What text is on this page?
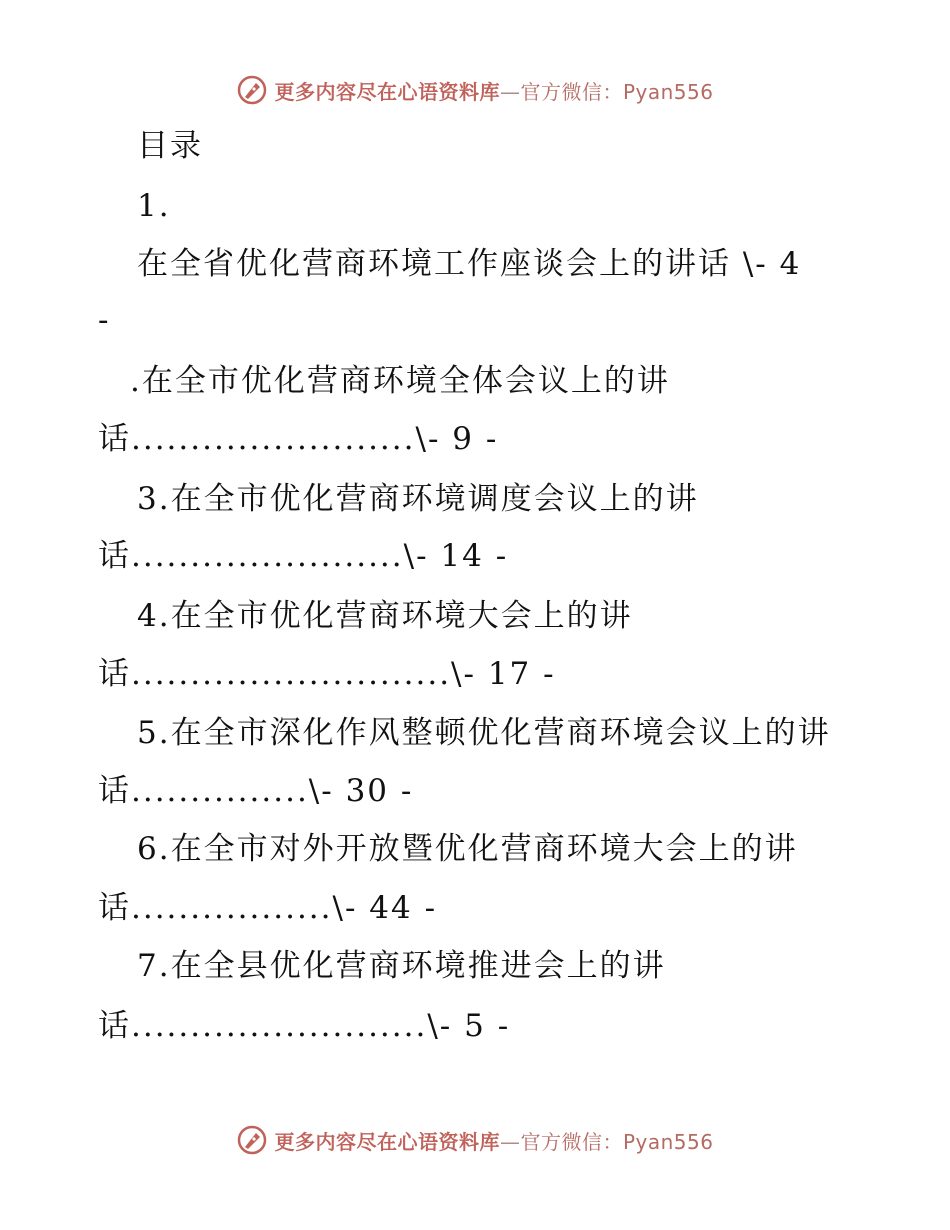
更多内容尽在心语资料库—官方微信：Pyan556
目录
1.
在全省优化营商环境工作座谈会上的讲话 \- 4
-
.在全市优化营商环境全体会议上的讲
话........................\- 9 -
3.在全市优化营商环境调度会议上的讲
话.......................\- 14 -
4.在全市优化营商环境大会上的讲
话...........................\- 17 -
5.在全市深化作风整顿优化营商环境会议上的讲
话...............\- 30 -
6.在全市对外开放暨优化营商环境大会上的讲
话.................\- 44 -
7.在全县优化营商环境推进会上的讲
话.........................\- 5 -
更多内容尽在心语资料库—官方微信：Pyan556
